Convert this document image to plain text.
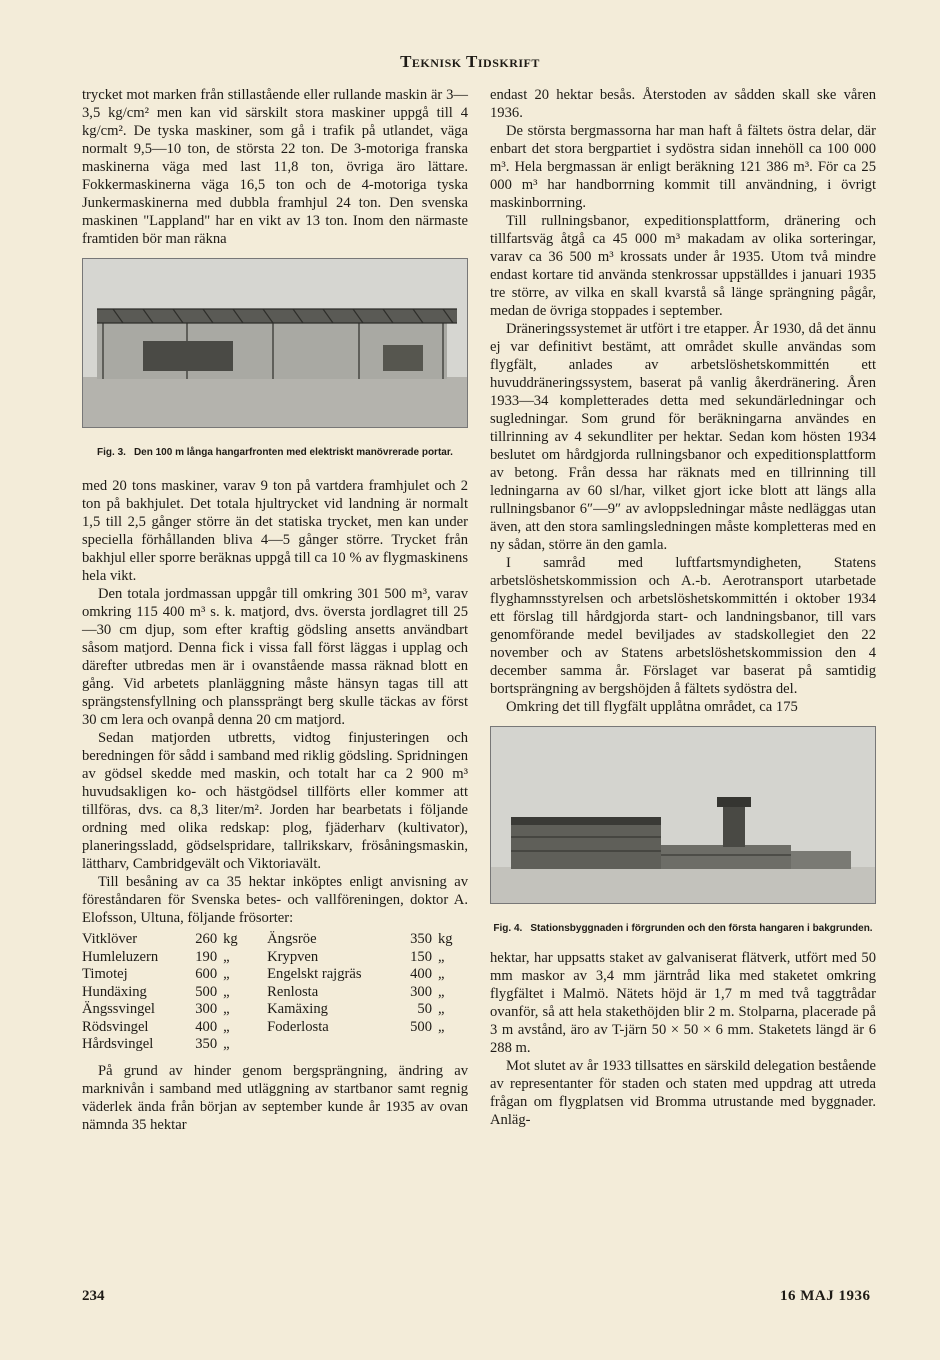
Teknisk Tidskrift

trycket mot marken från stillastående eller rullande maskin är 3—3,5 kg/cm² men kan vid särskilt stora maskiner uppgå till 4 kg/cm². De tyska maskiner, som gå i trafik på utlandet, väga normalt 9,5—10 ton, de största 22 ton. De 3-motoriga franska maskinerna väga med last 11,8 ton, övriga äro lättare. Fokkermaskinerna väga 16,5 ton och de 4-motoriga tyska Junkermaskinerna med dubbla framhjul 24 ton. Den svenska maskinen "Lappland" har en vikt av 13 ton. Inom den närmaste framtiden bör man räkna

Fig. 3. Den 100 m långa hangarfronten med elektriskt manövrerade portar.

med 20 tons maskiner, varav 9 ton på vartdera framhjulet och 2 ton på bakhjulet. Det totala hjultrycket vid landning är normalt 1,5 till 2,5 gånger större än det statiska trycket, men kan under speciella förhållanden bliva 4—5 gånger större. Trycket från bakhjul eller sporre beräknas uppgå till ca 10 % av flygmaskinens hela vikt.

Den totala jordmassan uppgår till omkring 301 500 m³, varav omkring 115 400 m³ s. k. matjord, dvs. översta jordlagret till 25—30 cm djup, som efter kraftig gödsling ansetts användbart såsom matjord. Denna fick i vissa fall först läggas i upplag och därefter utbredas men är i ovanstående massa räknad blott en gång. Vid arbetets planläggning måste hänsyn tagas till att sprängstensfyllning och planssprängt berg skulle täckas av först 30 cm lera och ovanpå denna 20 cm matjord.

Sedan matjorden utbretts, vidtog finjusteringen och beredningen för sådd i samband med riklig gödsling. Spridningen av gödsel skedde med maskin, och totalt har ca 2 900 m³ huvudsakligen ko- och hästgödsel tillförts eller kommer att tillföras, dvs. ca 8,3 liter/m². Jorden har bearbetats i följande ordning med olika redskap: plog, fjäderharv (kultivator), planeringssladd, gödselspridare, tallrikskarv, frösåningsmaskin, lättharv, Cambridgevält och Viktoriavält.

Till besåning av ca 35 hektar inköptes enligt anvisning av föreståndaren för Svenska betes- och vallföreningen, doktor A. Elofsson, Ultuna, följande frösorter:

Vitklöver	260	kg	Ängsröe	350	kg
Humleluzern	190	„	Krypven	150	„
Timotej	600	„	Engelskt rajgräs	400	„
Hundäxing	500	„	Renlosta	300	„
Ängssvingel	300	„	Kamäxing	50	„
Rödsvingel	400	„	Foderlosta	500	„
Hårdsvingel	350	„			

På grund av hinder genom bergsprängning, ändring av marknivån i samband med utläggning av startbanor samt regnig väderlek ända från början av september kunde år 1935 av ovan nämnda 35 hektar

endast 20 hektar besås. Återstoden av sådden skall ske våren 1936.

De största bergmassorna har man haft å fältets östra delar, där enbart det stora bergpartiet i sydöstra sidan innehöll ca 100 000 m³. Hela bergmassan är enligt beräkning 121 386 m³. För ca 25 000 m³ har handborrning kommit till användning, i övrigt maskinborrning.

Till rullningsbanor, expeditionsplattform, dränering och tillfartsväg åtgå ca 45 000 m³ makadam av olika sorteringar, varav ca 36 500 m³ krossats under år 1935. Utom två mindre endast kortare tid använda stenkrossar uppställdes i januari 1935 tre större, av vilka en skall kvarstå så länge sprängning pågår, medan de övriga stoppades i september.

Dräneringssystemet är utfört i tre etapper. År 1930, då det ännu ej var definitivt bestämt, att området skulle användas som flygfält, anlades av arbetslöshetskommittén ett huvuddräneringssystem, baserat på vanlig åkerdränering. Åren 1933—34 kompletterades detta med sekundärledningar och sugledningar. Som grund för beräkningarna användes en tillrinning av 4 sekundliter per hektar. Sedan kom hösten 1934 beslutet om hårdgjorda rullningsbanor och expeditionsplattform av betong. Från dessa har räknats med en tillrinning till ledningarna av 60 sl/har, vilket gjort icke blott att längs alla rullningsbanor 6″—9″ av avloppsledningar måste nedläggas utan även, att den stora samlingsledningen måste kompletteras med en ny sådan, större än den gamla.

I samråd med luftfartsmyndigheten, Statens arbetslöshetskommission och A.-b. Aerotransport utarbetade flyghamnsstyrelsen och arbetslöshetskommittén i oktober 1934 ett förslag till hårdgjorda start- och landningsbanor, till vars genomförande medel beviljades av stadskollegiet den 22 november och av Statens arbetslöshetskommission den 4 december samma år. Förslaget var baserat på samtidig bortsprängning av bergshöjden å fältets sydöstra del.

Omkring det till flygfält upplåtna området, ca 175

Fig. 4. Stationsbyggnaden i förgrunden och den första hangaren i bakgrunden.

hektar, har uppsatts staket av galvaniserat flätverk, utfört med 50 mm maskor av 3,4 mm järntråd lika med staketet omkring flygfältet i Malmö. Nätets höjd är 1,7 m med två taggtrådar ovanför, så att hela stakethöjden blir 2 m. Stolparna, placerade på 3 m avstånd, äro av T-järn 50 × 50 × 6 mm. Staketets längd är 6 288 m.

Mot slutet av år 1933 tillsattes en särskild delegation bestående av representanter för staden och staten med uppdrag att utreda frågan om flygplatsen vid Bromma utrustande med byggnader. Anläg-

234	16 MAJ 1936
